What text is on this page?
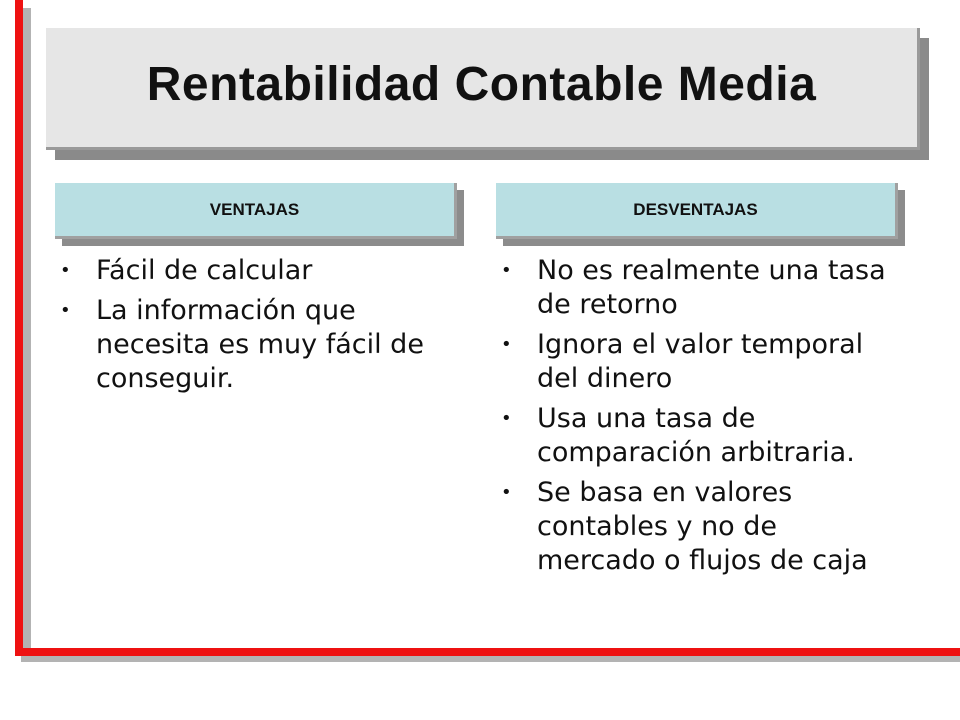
Rentabilidad Contable Media
VENTAJAS	DESVENTAJAS
• Fácil de calcular
• La información que necesita es muy fácil de conseguir.
• No es realmente una tasa de retorno
• Ignora el valor temporal del dinero
• Usa una tasa de comparación arbitraria.
• Se basa en valores contables y no de mercado o flujos de caja
